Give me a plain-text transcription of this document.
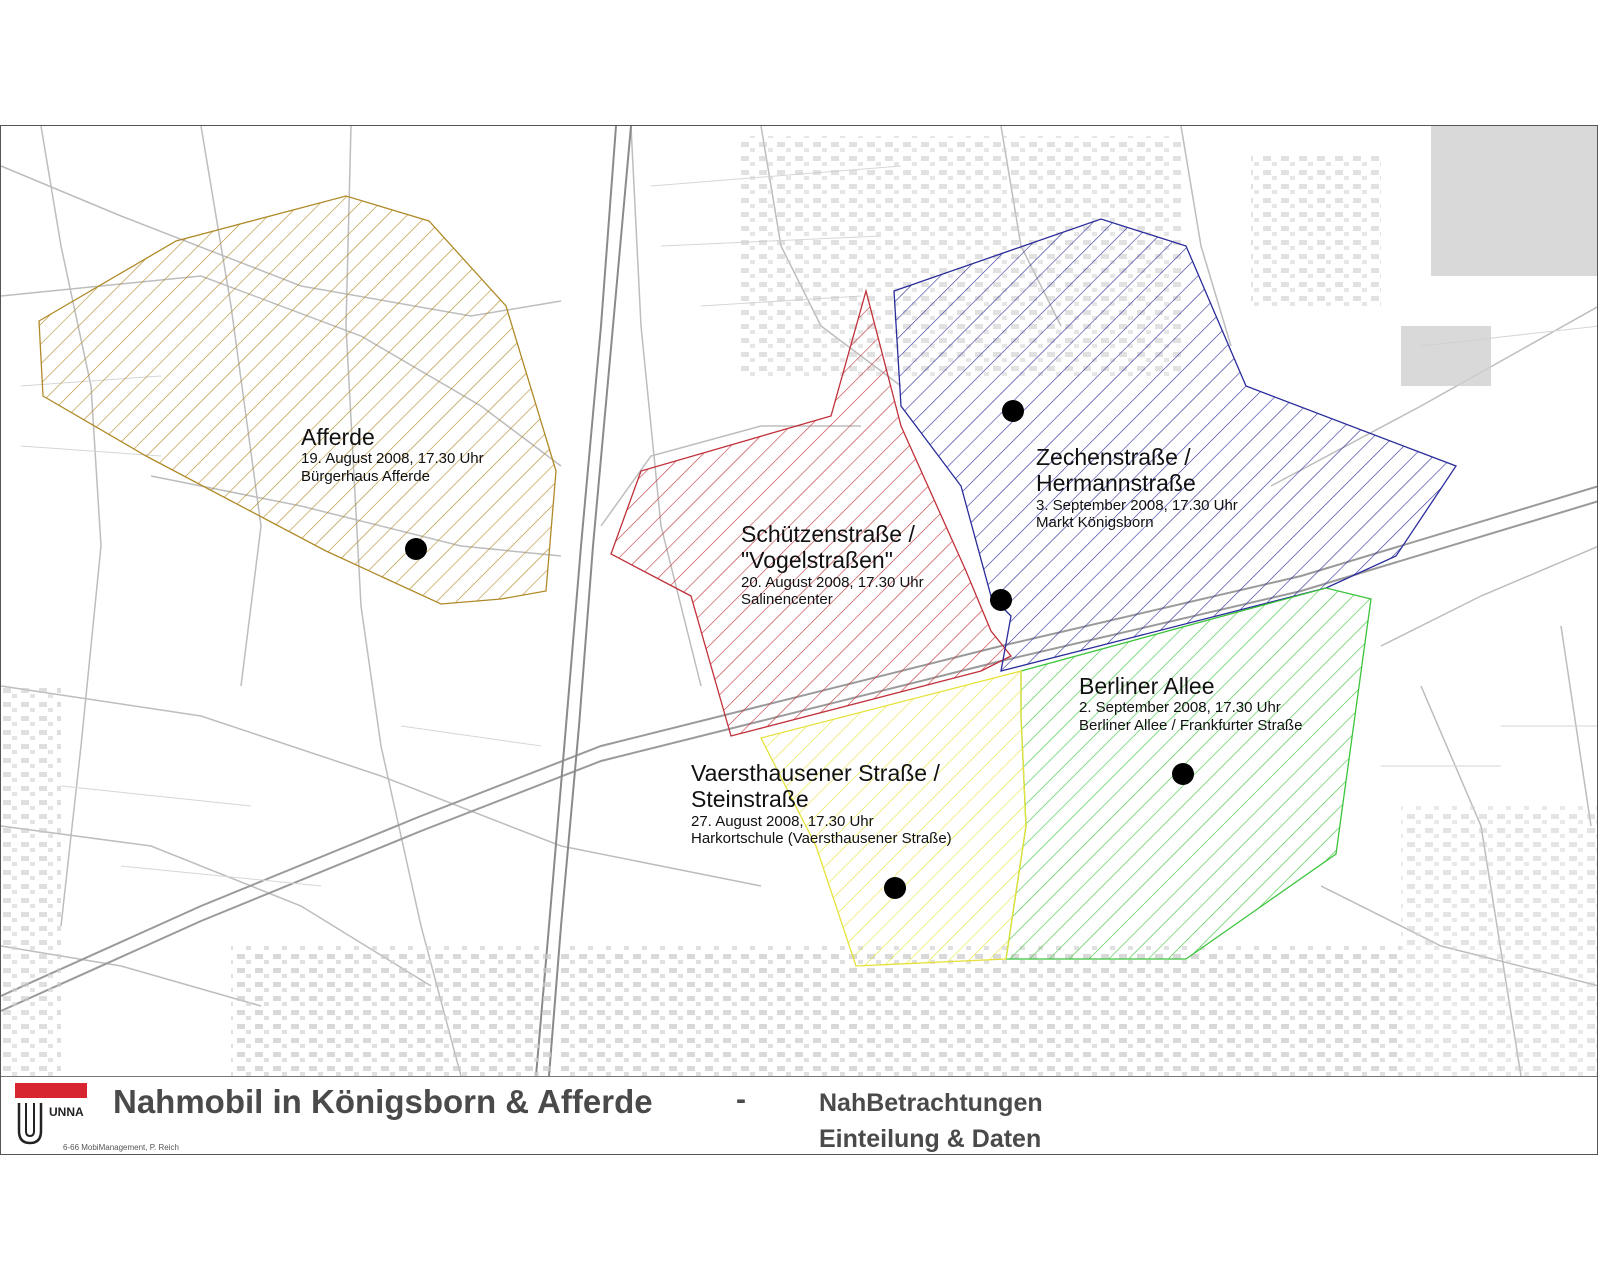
Afferde
19. August 2008, 17.30 Uhr
Bürgerhaus Afferde
Schützenstraße /
"Vogelstraßen"
20. August 2008, 17.30 Uhr
Salinencenter
Zechenstraße /
Hermannstraße
3. September 2008, 17.30 Uhr
Markt Königsborn
Berliner Allee
2. September 2008, 17.30 Uhr
Berliner Allee / Frankfurter Straße
Vaersthausener Straße /
Steinstraße
27. August 2008, 17.30 Uhr
Harkortschule (Vaersthausener Straße)
UNNA
6-66 MobiManagement, P. Reich
Nahmobil in Königsborn & Afferde	-	NahBetrachtungen
Einteilung & Daten
